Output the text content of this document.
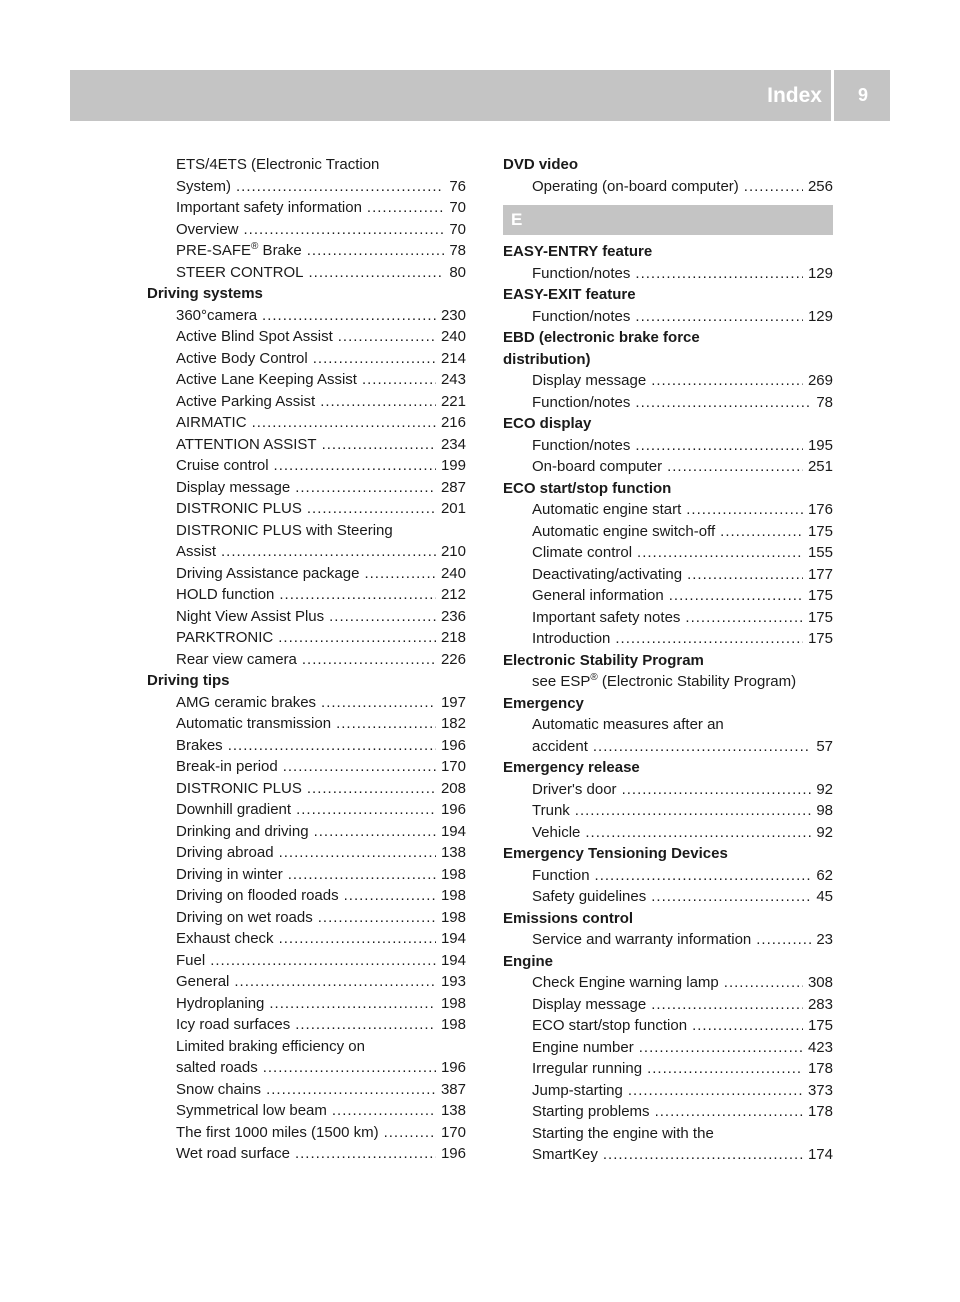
Index 9
ETS/4ETS (Electronic Traction
System) .....	76
Important safety information .....	70
Overview .....	70
PRE-SAFE® Brake .....	78
STEER CONTROL .....	80
Driving systems
360°camera .....	230
Active Blind Spot Assist .....	240
Active Body Control .....	214
Active Lane Keeping Assist .....	243
Active Parking Assist .....	221
AIRMATIC .....	216
ATTENTION ASSIST .....	234
Cruise control .....	199
Display message .....	287
DISTRONIC PLUS .....	201
DISTRONIC PLUS with Steering
Assist .....	210
Driving Assistance package .....	240
HOLD function .....	212
Night View Assist Plus .....	236
PARKTRONIC .....	218
Rear view camera .....	226
Driving tips
AMG ceramic brakes .....	197
Automatic transmission .....	182
Brakes .....	196
Break-in period .....	170
DISTRONIC PLUS .....	208
Downhill gradient .....	196
Drinking and driving .....	194
Driving abroad .....	138
Driving in winter .....	198
Driving on flooded roads .....	198
Driving on wet roads .....	198
Exhaust check .....	194
Fuel .....	194
General .....	193
Hydroplaning .....	198
Icy road surfaces .....	198
Limited braking efficiency on
salted roads .....	196
Snow chains .....	387
Symmetrical low beam .....	138
The first 1000 miles (1500 km) .....	170
Wet road surface .....	196
DVD video
Operating (on-board computer) .....	256
E
EASY-ENTRY feature
Function/notes .....	129
EASY-EXIT feature
Function/notes .....	129
EBD (electronic brake force
distribution)
Display message .....	269
Function/notes .....	78
ECO display
Function/notes .....	195
On-board computer .....	251
ECO start/stop function
Automatic engine start .....	176
Automatic engine switch-off .....	175
Climate control .....	155
Deactivating/activating .....	177
General information .....	175
Important safety notes .....	175
Introduction .....	175
Electronic Stability Program
see ESP® (Electronic Stability Program)
Emergency
Automatic measures after an
accident .....	57
Emergency release
Driver's door .....	92
Trunk .....	98
Vehicle .....	92
Emergency Tensioning Devices
Function .....	62
Safety guidelines .....	45
Emissions control
Service and warranty information .....	23
Engine
Check Engine warning lamp .....	308
Display message .....	283
ECO start/stop function .....	175
Engine number .....	423
Irregular running .....	178
Jump-starting .....	373
Starting problems .....	178
Starting the engine with the
SmartKey .....	174
